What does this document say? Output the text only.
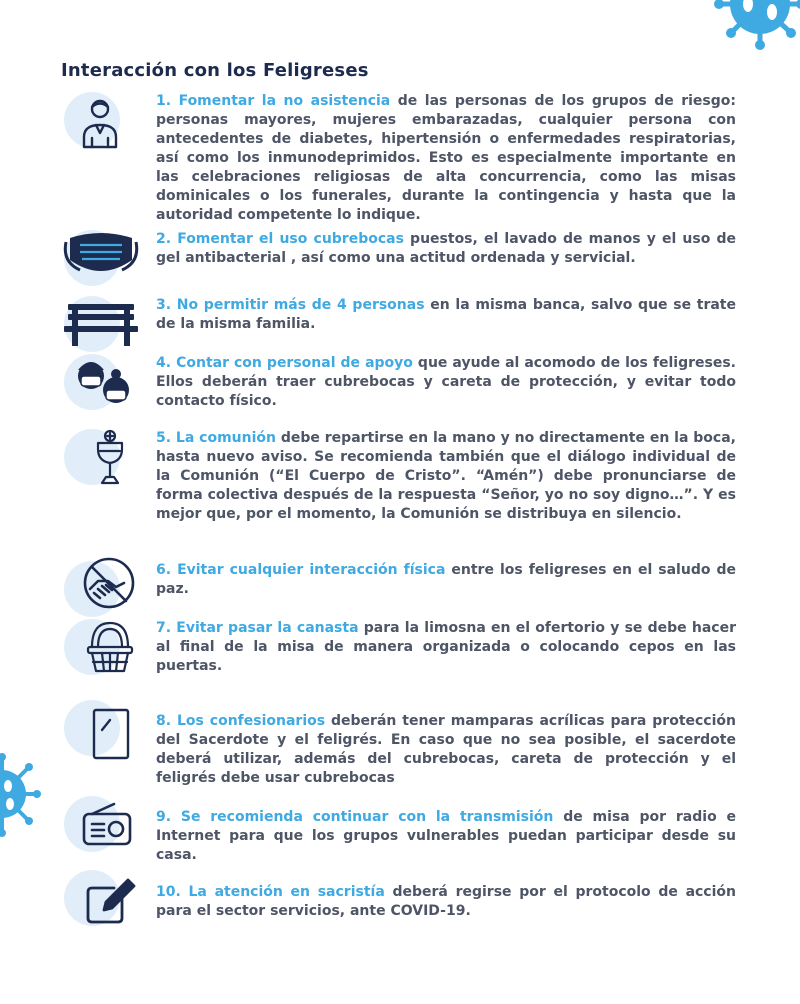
Interacción con los Feligreses

1. Fomentar la no asistencia de las personas de los grupos de riesgo: personas mayores, mujeres embarazadas, cualquier persona con antecedentes de diabetes, hipertensión o enfermedades respiratorias, así como los inmunodeprimidos. Esto es especialmente importante en las celebraciones religiosas de alta concurrencia, como las misas dominicales o los funerales, durante la contingencia y hasta que la autoridad competente lo indique.

2. Fomentar el uso cubrebocas puestos, el lavado de manos y el uso de gel antibacterial , así como una actitud ordenada y servicial.

3. No permitir más de 4 personas en la misma banca, salvo que se trate de la misma familia.

4. Contar con personal de apoyo que ayude al acomodo de los feligreses. Ellos deberán traer cubrebocas y careta de protección, y evitar todo contacto físico.

5. La comunión debe repartirse en la mano y no directamente en la boca, hasta nuevo aviso. Se recomienda también que el diálogo individual de la Comunión (“El Cuerpo de Cristo”. “Amén”) debe pronunciarse de forma colectiva después de la respuesta “Señor, yo no soy digno…”. Y es mejor que, por el momento, la Comunión se distribuya en silencio.

6. Evitar cualquier interacción física entre los feligreses en el saludo de paz.

7. Evitar pasar la canasta para la limosna en el ofertorio y se debe hacer al final de la misa de manera organizada o colocando cepos en las puertas.

8. Los confesionarios deberán tener mamparas acrílicas para protección del Sacerdote y el feligrés. En caso que no sea posible, el sacerdote deberá utilizar, además del cubrebocas, careta de protección y el feligrés debe usar cubrebocas

9. Se recomienda continuar con la transmisión de misa por radio e Internet para que los grupos vulnerables puedan participar desde su casa.

10. La atención en sacristía deberá regirse por el protocolo de acción para el sector servicios, ante COVID-19.
